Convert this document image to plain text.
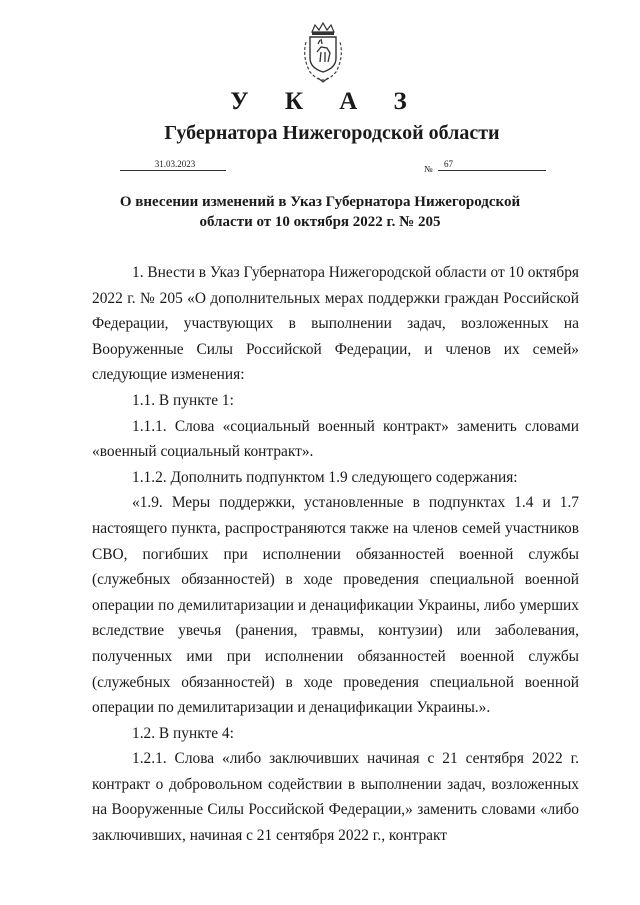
У К А З
Губернатора Нижегородской области
31.03.2023	№	67
О внесении изменений в Указ Губернатора Нижегородской
области от 10 октября 2022 г. № 205

1. Внести в Указ Губернатора Нижегородской области от 10 октября 2022 г. № 205 «О дополнительных мерах поддержки граждан Российской Федерации, участвующих в выполнении задач, возложенных на Вооруженные Силы Российской Федерации, и членов их семей» следующие изменения:

1.1. В пункте 1:

1.1.1. Слова «социальный военный контракт» заменить словами «военный социальный контракт».

1.1.2. Дополнить подпунктом 1.9 следующего содержания:

«1.9. Меры поддержки, установленные в подпунктах 1.4 и 1.7 настоящего пункта, распространяются также на членов семей участников СВО, погибших при исполнении обязанностей военной службы (служебных обязанностей) в ходе проведения специальной военной операции по демилитаризации и денацификации Украины, либо умерших вследствие увечья (ранения, травмы, контузии) или заболевания, полученных ими при исполнении обязанностей военной службы (служебных обязанностей) в ходе проведения специальной военной операции по демилитаризации и денацификации Украины.».

1.2. В пункте 4:

1.2.1. Слова «либо заключивших начиная с 21 сентября 2022 г. контракт о добровольном содействии в выполнении задач, возложенных на Вооруженные Силы Российской Федерации,» заменить словами «либо заключивших, начиная с 21 сентября 2022 г., контракт
